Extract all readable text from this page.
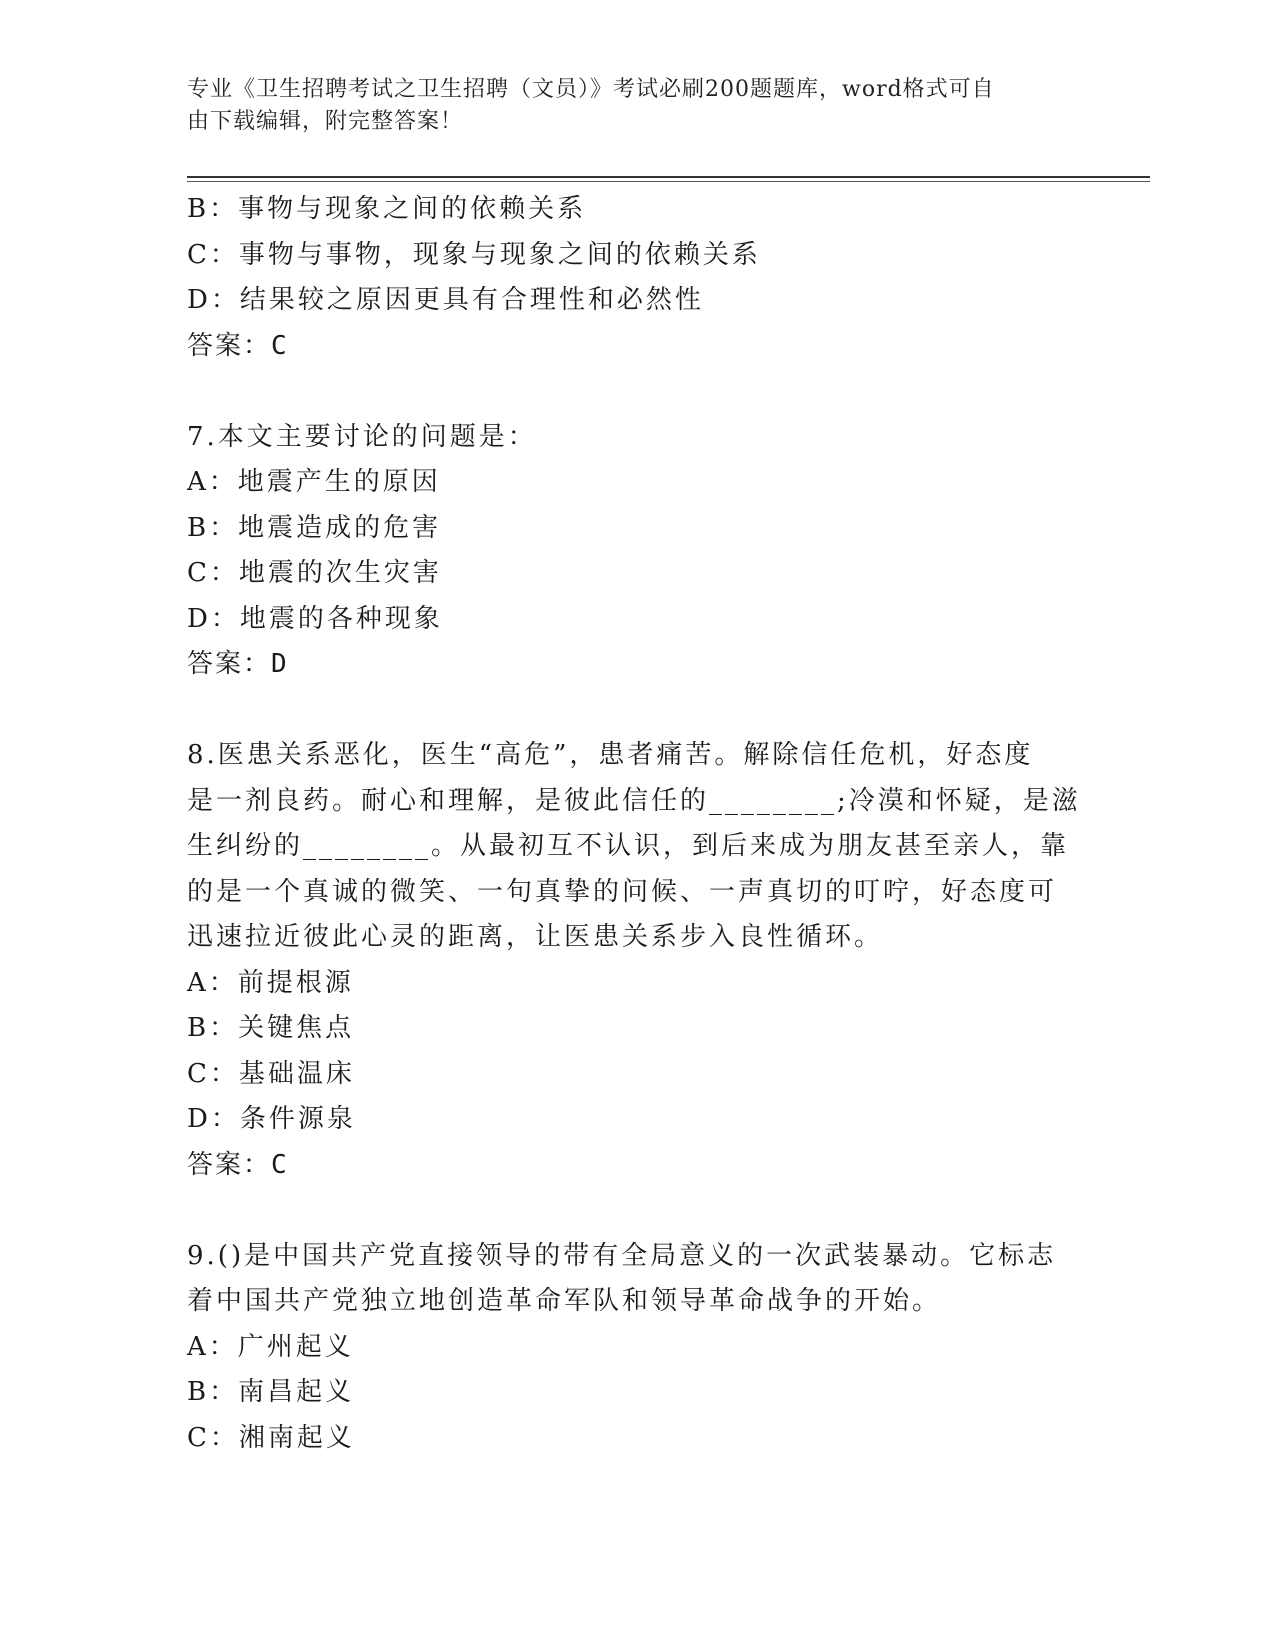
专业《卫生招聘考试之卫生招聘（文员）》考试必刷200题题库，word格式可自
由下载编辑，附完整答案！
B：事物与现象之间的依赖关系
C：事物与事物，现象与现象之间的依赖关系
D：结果较之原因更具有合理性和必然性
答案：C
7.本文主要讨论的问题是：
A：地震产生的原因
B：地震造成的危害
C：地震的次生灾害
D：地震的各种现象
答案：D
8.医患关系恶化，医生“高危”，患者痛苦。解除信任危机，好态度
是一剂良药。耐心和理解，是彼此信任的________;冷漠和怀疑，是滋
生纠纷的________。从最初互不认识，到后来成为朋友甚至亲人，靠
的是一个真诚的微笑、一句真挚的问候、一声真切的叮咛，好态度可
迅速拉近彼此心灵的距离，让医患关系步入良性循环。
A：前提根源
B：关键焦点
C：基础温床
D：条件源泉
答案：C
9.()是中国共产党直接领导的带有全局意义的一次武装暴动。它标志
着中国共产党独立地创造革命军队和领导革命战争的开始。
A：广州起义
B：南昌起义
C：湘南起义
